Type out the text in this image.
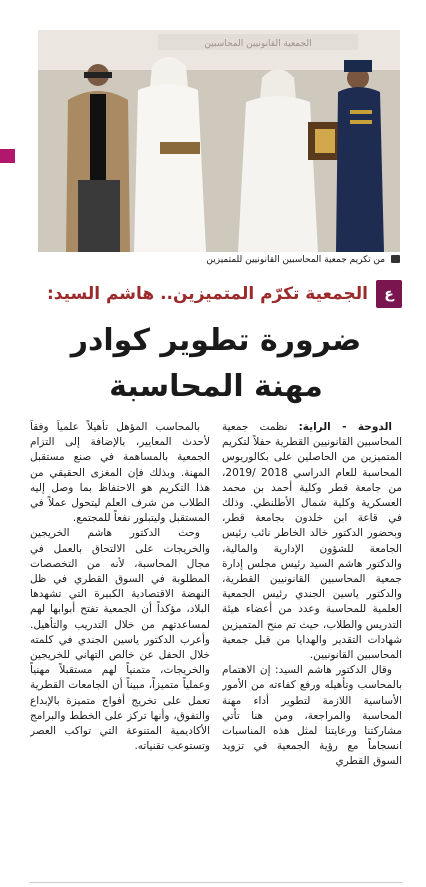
الجمعية القانونيين المحاسبين
من تكريم جمعية المحاسبين القانونيين للمتميزين
ع
الجمعية تكرّم المتميزين.. هاشم السيد:
ضرورة تطوير كوادر
مهنة المحاسبة

الدوحة - الراية: نظمت جمعية المحاسبين القانونيين القطرية حفلاً لتكريم المتميزين من الحاصلين على بكالوريوس المحاسبة للعام الدراسي 2018 /2019، من جامعة قطر وكلية أحمد بن محمد العسكرية وكلية شمال الأطلنطي. وذلك في قاعة ابن خلدون بجامعة قطر، وبحضور الدكتور خالد الخاطر نائب رئيس الجامعة للشؤون الإدارية والمالية، والدكتور هاشم السيد رئيس مجلس إدارة جمعية المحاسبين القانونيين القطرية، والدكتور ياسين الجندي رئيس الجمعية العلمية للمحاسبة وعدد من أعضاء هيئة التدريس والطلاب، حيث تم منح المتميزين شهادات التقدير والهدايا من قبل جمعية المحاسبين القانونيين.

وقال الدكتور هاشم السيد: إن الاهتمام بالمحاسب وتأهيله ورفع كفاءته من الأمور الأساسية اللازمة لتطوير أداء مهنة المحاسبة والمراجعة، ومن هنا تأتي مشاركتنا ورعايتنا لمثل هذه المناسبات انسجاماً مع رؤية الجمعية في تزويد السوق القطري

بالمحاسب المؤهل تأهيلاً علمياً وفقاً لأحدث المعايير، بالإضافة إلى التزام الجمعية بالمساهمة في صنع مستقبل المهنة. وبذلك فإن المغزى الحقيقي من هذا التكريم هو الاحتفاظ بما وصل إليه الطلاب من شرف العلم ليتحول عملاً في المستقبل وليتبلور نفعاً للمجتمع.

وحث الدكتور هاشم الخريجين والخريجات على الالتحاق بالعمل في مجال المحاسبة، لأنه من التخصصات المطلوبة في السوق القطري في ظل النهضة الاقتصادية الكبيرة التي تشهدها البلاد، مؤكداً أن الجمعية تفتح أبوابها لهم لمساعدتهم من خلال التدريب والتأهيل. وأعرب الدكتور ياسين الجندي في كلمته خلال الحفل عن خالص التهاني للخريجين والخريجات، متمنياً لهم مستقبلاً مهنياً وعملياً متميزاً، مبيناً أن الجامعات القطرية تعمل على تخريج أفواج متميزة بالإبداع والتفوق، وأنها تركز على الخطط والبرامج الأكاديمية المتنوعة التي تواكب العصر وتستوعب تقنياته.
